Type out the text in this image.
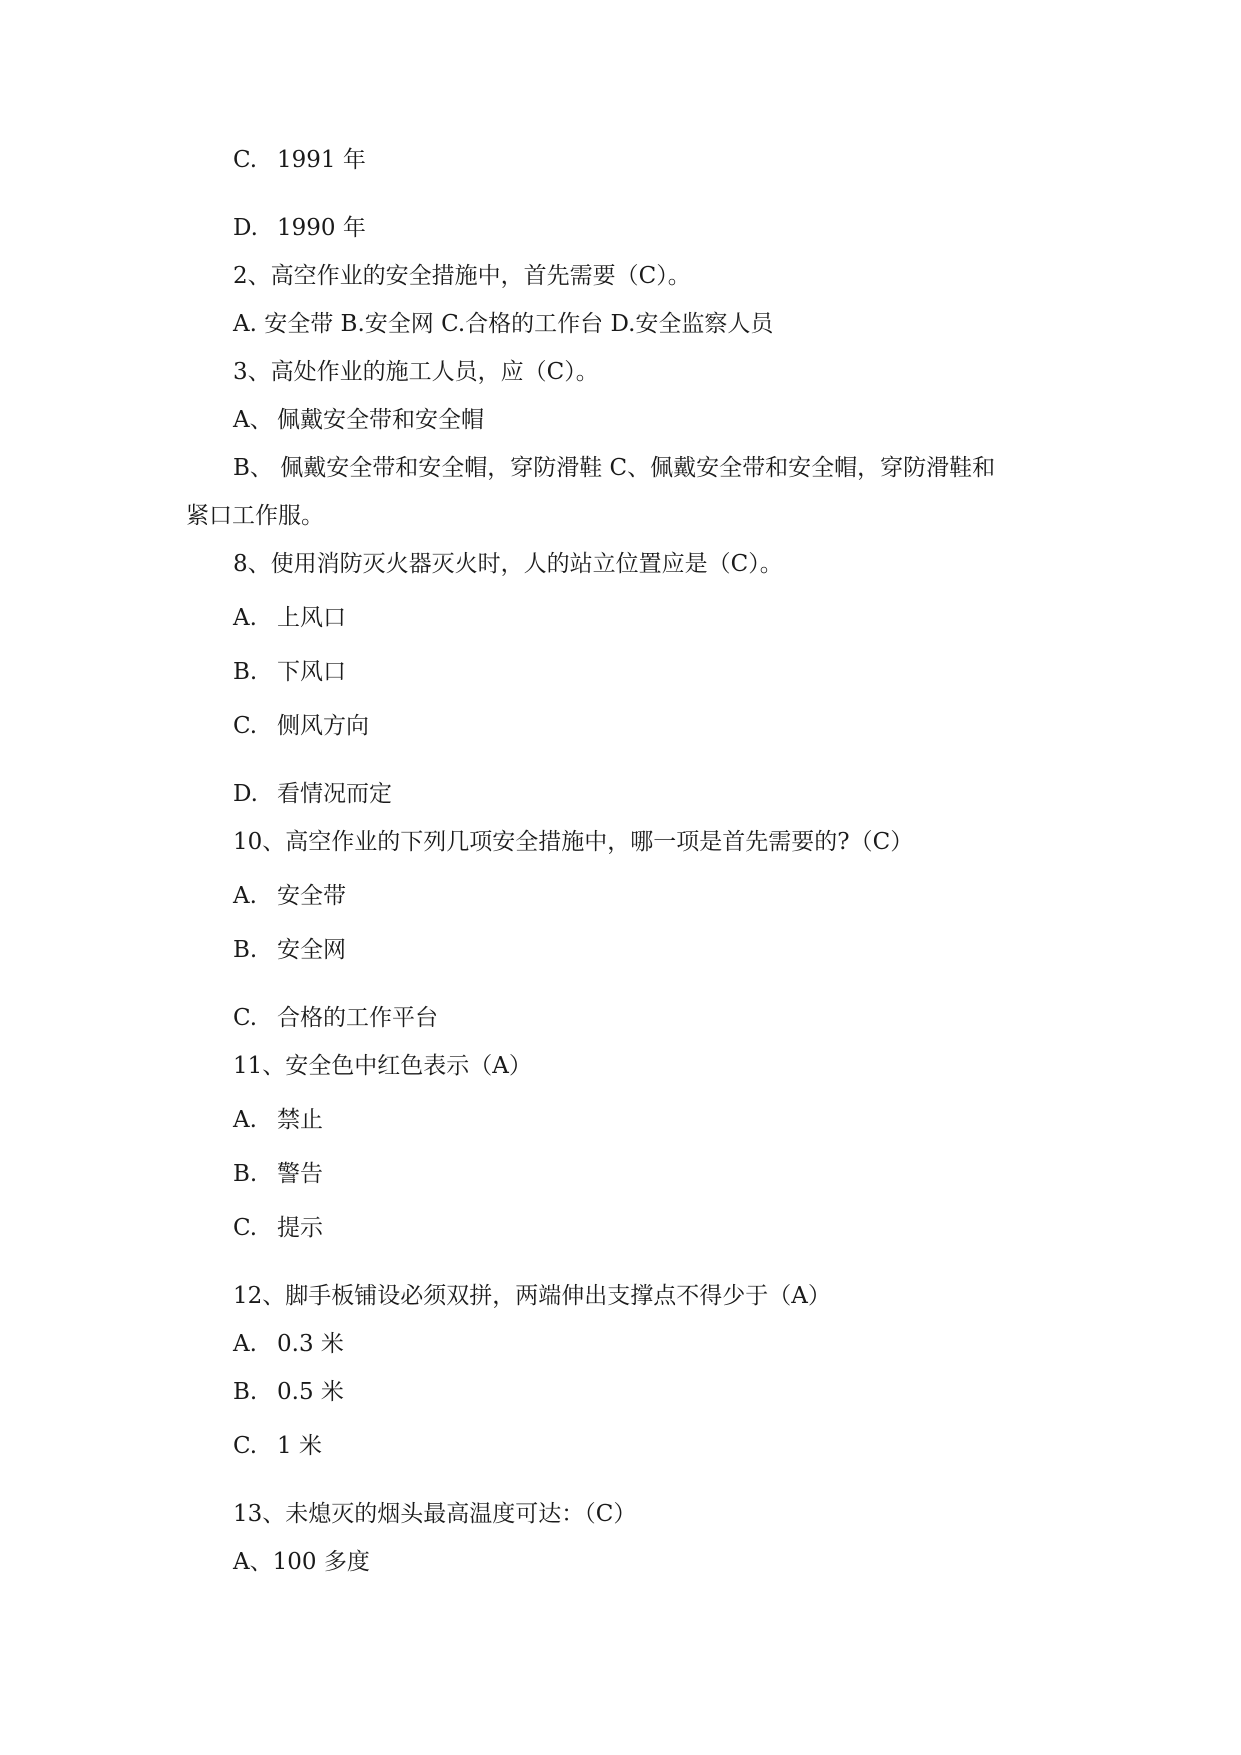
C. 1991 年
D. 1990 年
2、高空作业的安全措施中，首先需要（C）。
A. 安全带 B.安全网 C.合格的工作台 D.安全监察人员
3、高处作业的施工人员，应（C）。
A、 佩戴安全带和安全帽
B、 佩戴安全带和安全帽，穿防滑鞋 C、佩戴安全带和安全帽，穿防滑鞋和
紧口工作服。
8、使用消防灭火器灭火时，人的站立位置应是（C）。
A. 上风口
B. 下风口
C. 侧风方向
D. 看情况而定
10、高空作业的下列几项安全措施中，哪一项是首先需要的?（C）
A. 安全带
B. 安全网
C. 合格的工作平台
11、安全色中红色表示（A）
A. 禁止
B. 警告
C. 提示
12、脚手板铺设必须双拼，两端伸出支撑点不得少于（A）
A. 0.3 米
B. 0.5 米
C. 1 米
13、未熄灭的烟头最高温度可达：（C）
A、100 多度
